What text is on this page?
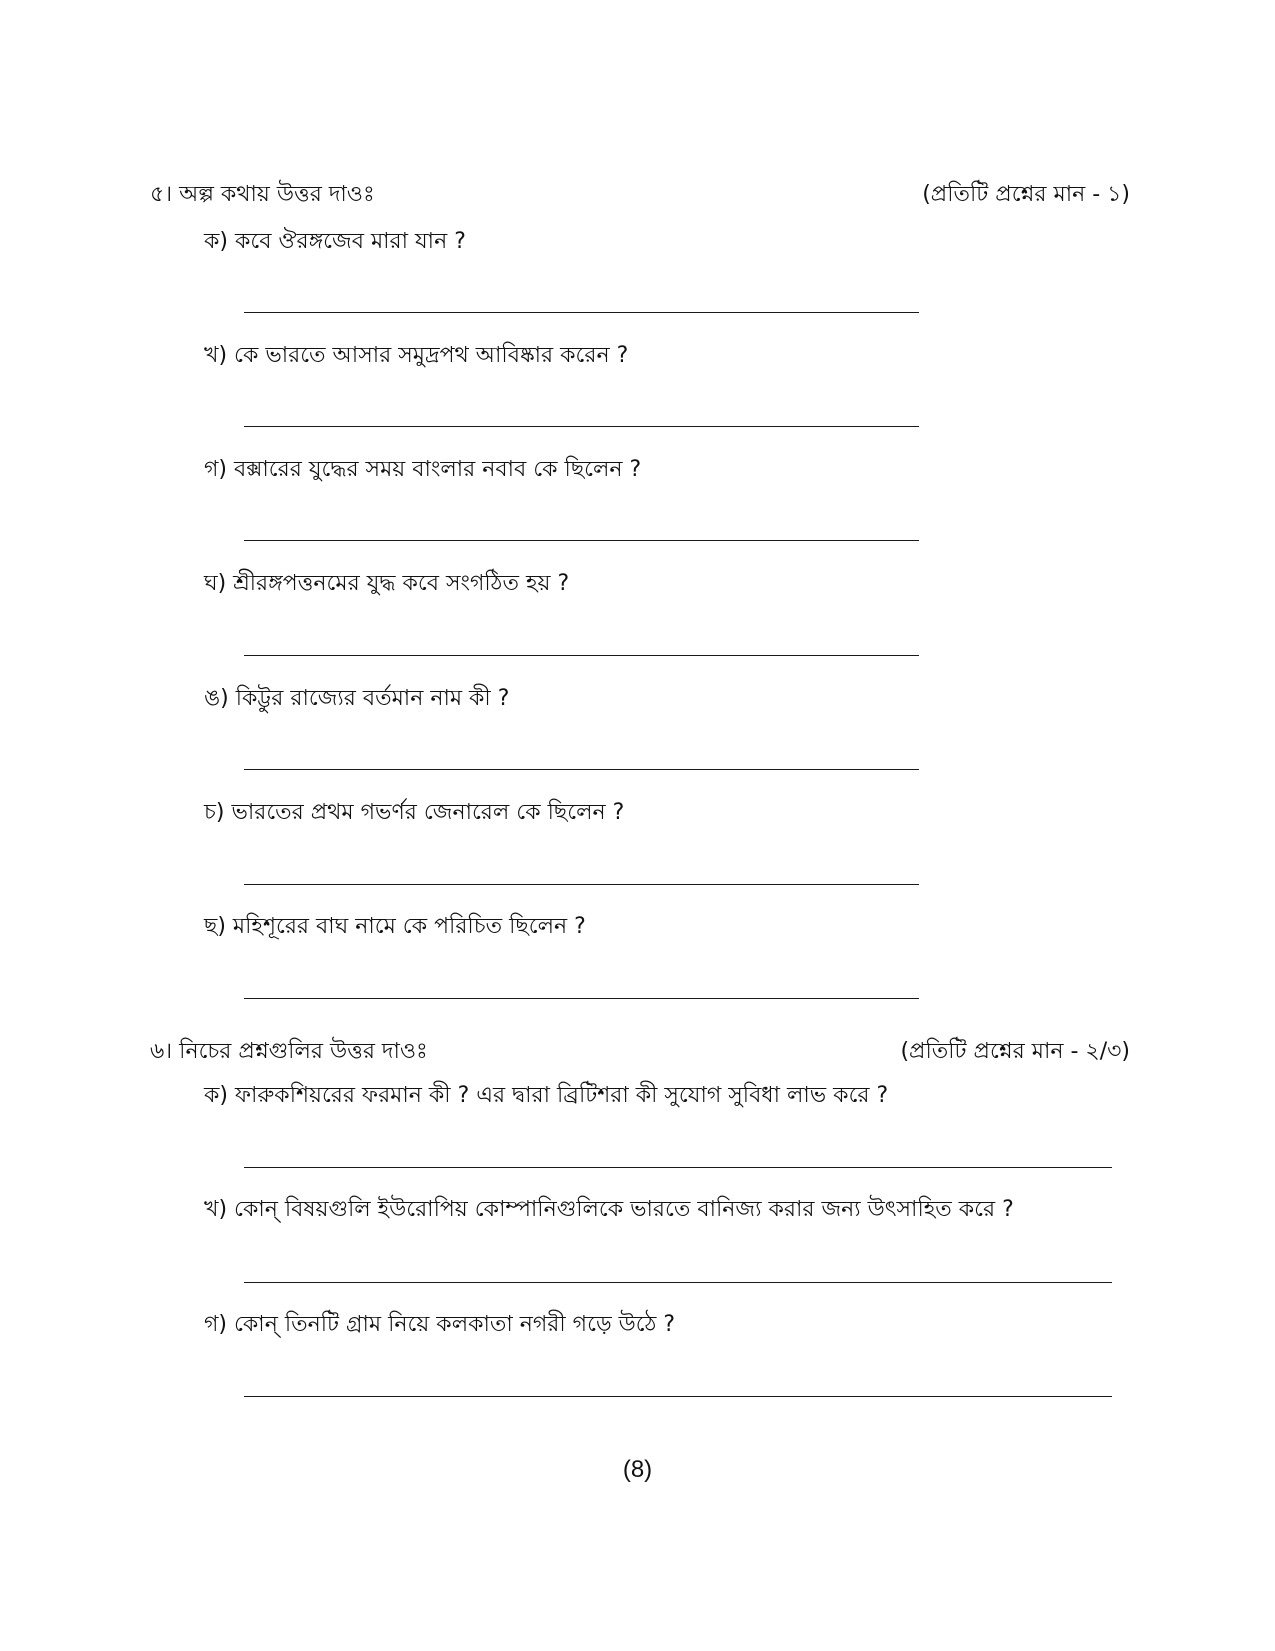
৫। অল্প কথায় উত্তর দাওঃ	(প্রতিটি প্রশ্নের মান - ১)
ক) কবে ঔরঙ্গজেব মারা যান ?
খ) কে ভারতে আসার সমুদ্রপথ আবিষ্কার করেন ?
গ) বক্সারের যুদ্ধের সময় বাংলার নবাব কে ছিলেন ?
ঘ) শ্রীরঙ্গপত্তনমের যুদ্ধ কবে সংগঠিত হয় ?
ঙ) কিট্টুর রাজ্যের বর্তমান নাম কী ?
চ) ভারতের প্রথম গভর্ণর জেনারেল কে ছিলেন ?
ছ) মহিশূরের বাঘ নামে কে পরিচিত ছিলেন ?
৬। নিচের প্রশ্নগুলির উত্তর দাওঃ	(প্রতিটি প্রশ্নের মান - ২/৩)
ক) ফারুকশিয়রের ফরমান কী ? এর দ্বারা ব্রিটিশরা কী সুযোগ সুবিধা লাভ করে ?
খ) কোন্ বিষয়গুলি ইউরোপিয় কোম্পানিগুলিকে ভারতে বানিজ্য করার জন্য উৎসাহিত করে ?
গ) কোন্ তিনটি গ্রাম নিয়ে কলকাতা নগরী গড়ে উঠে ?
(8)
